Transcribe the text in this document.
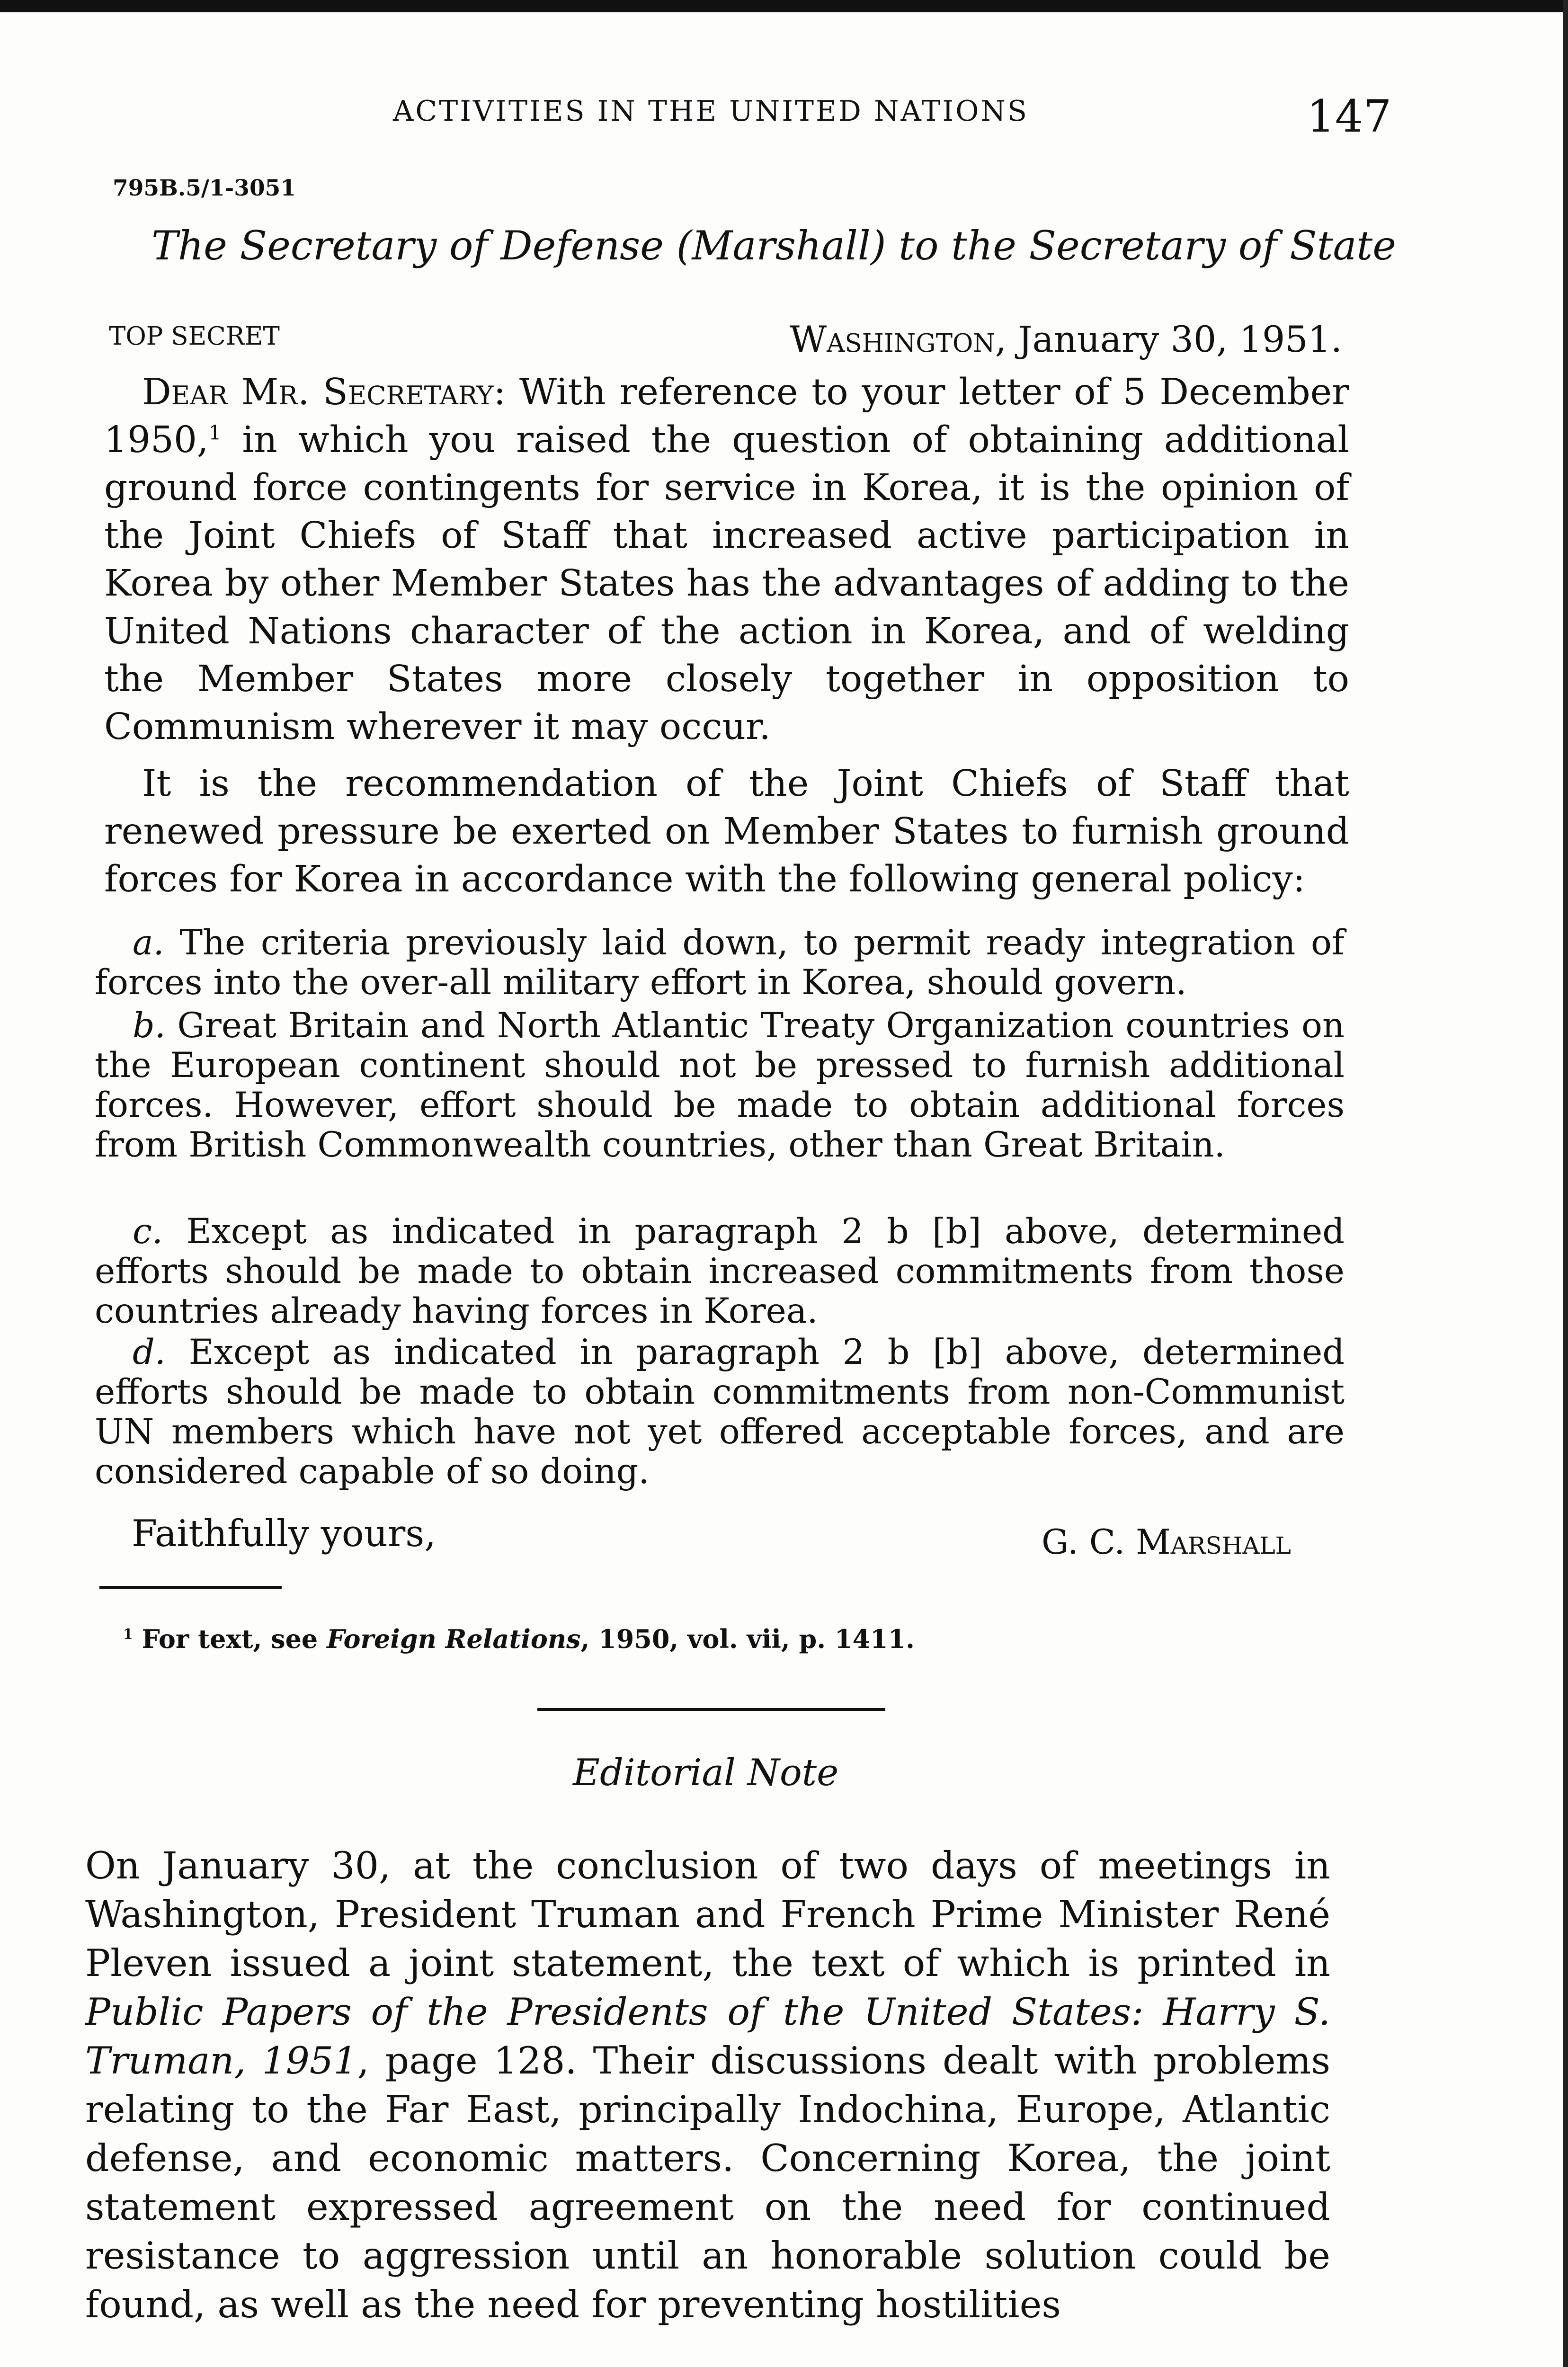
ACTIVITIES IN THE UNITED NATIONS	147
795B.5/1-3051
The Secretary of Defense (Marshall) to the Secretary of State
TOP SECRET	Washington, January 30, 1951.
Dear Mr. Secretary: With reference to your letter of 5 December 1950,$^1$ in which you raised the question of obtaining additional ground force contingents for service in Korea, it is the opinion of the Joint Chiefs of Staff that increased active participation in Korea by other Member States has the advantages of adding to the United Nations character of the action in Korea, and of welding the Member States more closely together in opposition to Communism wherever it may occur.
It is the recommendation of the Joint Chiefs of Staff that renewed pressure be exerted on Member States to furnish ground forces for Korea in accordance with the following general policy:
a. The criteria previously laid down, to permit ready integration of forces into the over-all military effort in Korea, should govern.
b. Great Britain and North Atlantic Treaty Organization countries on the European continent should not be pressed to furnish additional forces. However, effort should be made to obtain additional forces from British Commonwealth countries, other than Great Britain.
c. Except as indicated in paragraph 2 b [b] above, determined efforts should be made to obtain increased commitments from those countries already having forces in Korea.
d. Except as indicated in paragraph 2 b [b] above, determined efforts should be made to obtain commitments from non-Communist UN members which have not yet offered acceptable forces, and are considered capable of so doing.
Faithfully yours,	G. C. Marshall
$^1$ For text, see Foreign Relations, 1950, vol. vii, p. 1411.
Editorial Note
On January 30, at the conclusion of two days of meetings in Washington, President Truman and French Prime Minister René Pleven issued a joint statement, the text of which is printed in Public Papers of the Presidents of the United States: Harry S. Truman, 1951, page 128. Their discussions dealt with problems relating to the Far East, principally Indochina, Europe, Atlantic defense, and economic matters. Concerning Korea, the joint statement expressed agreement on the need for continued resistance to aggression until an honorable solution could be found, as well as the need for preventing hostilities
